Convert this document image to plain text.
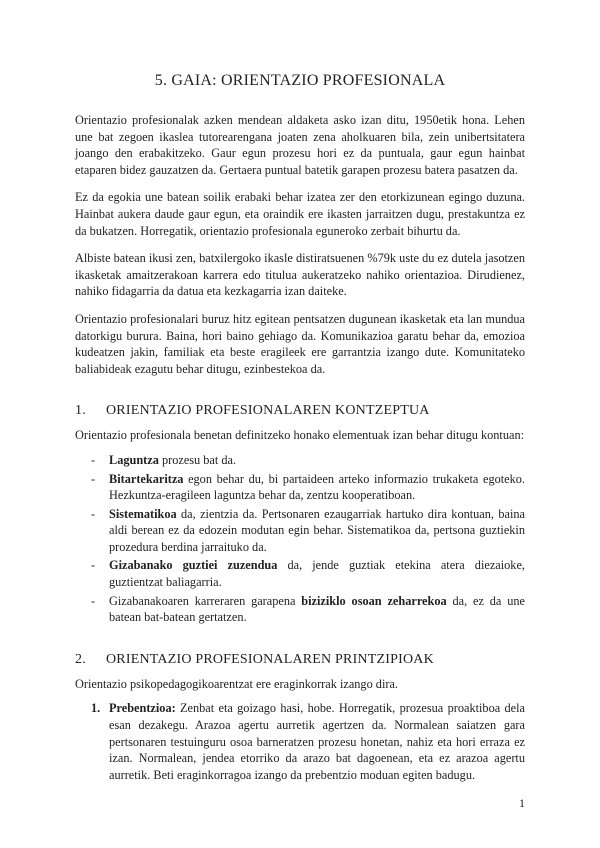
5. GAIA: ORIENTAZIO PROFESIONALA

Orientazio profesionalak azken mendean aldaketa asko izan ditu, 1950etik hona. Lehen une bat zegoen ikaslea tutorearengana joaten zena aholkuaren bila, zein unibertsitatera joango den erabakitzeko. Gaur egun prozesu hori ez da puntuala, gaur egun hainbat etaparen bidez gauzatzen da. Gertaera puntual batetik garapen prozesu batera pasatzen da.

Ez da egokia une batean soilik erabaki behar izatea zer den etorkizunean egingo duzuna. Hainbat aukera daude gaur egun, eta oraindik ere ikasten jarraitzen dugu, prestakuntza ez da bukatzen. Horregatik, orientazio profesionala eguneroko zerbait bihurtu da.

Albiste batean ikusi zen, batxilergoko ikasle distiratsuenen %79k uste du ez dutela jasotzen ikasketak amaitzerakoan karrera edo titulua aukeratzeko nahiko orientazioa. Dirudienez, nahiko fidagarria da datua eta kezkagarria izan daiteke.

Orientazio profesionalari buruz hitz egitean pentsatzen dugunean ikasketak eta lan mundua datorkigu burura. Baina, hori baino gehiago da. Komunikazioa garatu behar da, emozioa kudeatzen jakin, familiak eta beste eragileek ere garrantzia izango dute. Komunitateko baliabideak ezagutu behar ditugu, ezinbestekoa da.

1.	ORIENTAZIO PROFESIONALAREN KONTZEPTUA

Orientazio profesionala benetan definitzeko honako elementuak izan behar ditugu kontuan:

- Laguntza prozesu bat da.
- Bitartekaritza egon behar du, bi partaideen arteko informazio trukaketa egoteko. Hezkuntza-eragileen laguntza behar da, zentzu kooperatiboan.
- Sistematikoa da, zientzia da. Pertsonaren ezaugarriak hartuko dira kontuan, baina aldi berean ez da edozein modutan egin behar. Sistematikoa da, pertsona guztiekin prozedura berdina jarraituko da.
- Gizabanako guztiei zuzendua da, jende guztiak etekina atera diezaioke, guztientzat baliagarria.
- Gizabanakoaren karreraren garapena biziziklo osoan zeharrekoa da, ez da une batean bat-batean gertatzen.
2.	ORIENTAZIO PROFESIONALAREN PRINTZIPIOAK

Orientazio psikopedagogikoarentzat ere eraginkorrak izango dira.

1. Prebentzioa: Zenbat eta goizago hasi, hobe. Horregatik, prozesua proaktiboa dela esan dezakegu. Arazoa agertu aurretik agertzen da. Normalean saiatzen gara pertsonaren testuinguru osoa barneratzen prozesu honetan, nahiz eta hori erraza ez izan. Normalean, jendea etorriko da arazo bat dagoenean, eta ez arazoa agertu aurretik. Beti eraginkorragoa izango da prebentzio moduan egiten badugu.
1
